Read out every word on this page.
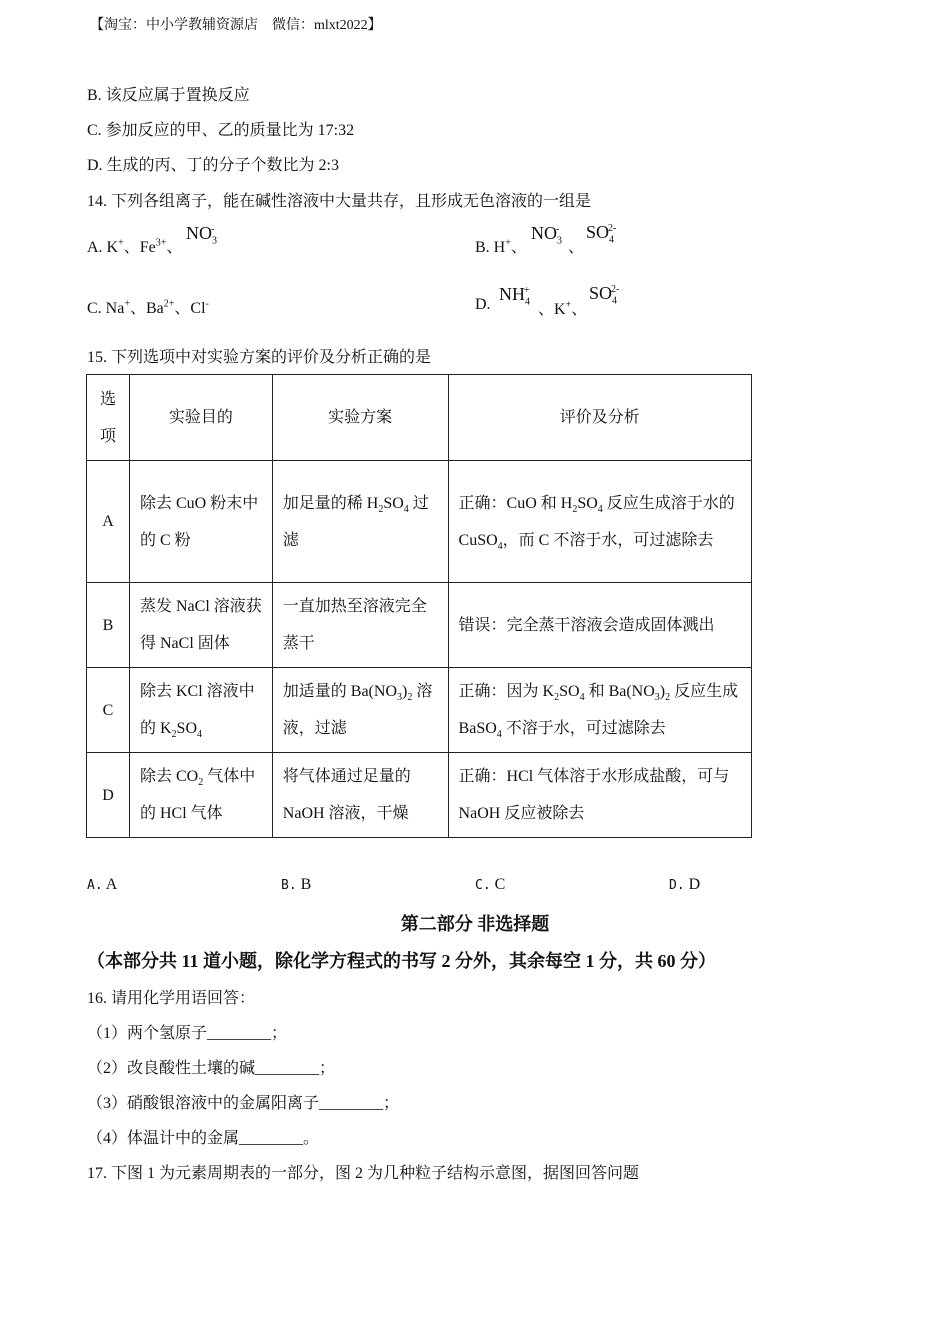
【淘宝：中小学教辅资源店　微信：mlxt2022】
B. 该反应属于置换反应
C. 参加反应的甲、乙的质量比为 17:32
D. 生成的丙、丁的分子个数比为 2:3
14. 下列各组离子，能在碱性溶液中大量共存，且形成无色溶液的一组是
A. K+、$Fe^{3+}$、
$NO_3^-$
B. H+、
$NO_3^-$
、
$SO_4^{2-}$
C. Na+、$Ba^{2+}$、Cl-	D.
$NH_4^+$
、K+、
$SO_4^{2-}$
15. 下列选项中对实验方案的评价及分析正确的是
选
项	实验目的	实验方案	评价及分析
A	除去 CuO 粉末中的 C 粉	加足量的稀 $H_2SO_4$ 过滤	正确：CuO 和 $H_2SO_4$ 反应生成溶于水的 CuSO$_4$，而 C 不溶于水，可过滤除去
B	蒸发 NaCl 溶液获得 NaCl 固体	一直加热至溶液完全蒸干	错误：完全蒸干溶液会造成固体溅出
C	除去 KCl 溶液中的 $K_2SO_4$	加适量的 $Ba(NO_3)_2$ 溶液，过滤	正确：因为 $K_2SO_4$ 和 $Ba(NO_3)_2$ 反应生成 BaSO$_4$ 不溶于水，可过滤除去
D	除去 $CO_2$ 气体中的 HCl 气体	将气体通过足量的 NaOH 溶液，干燥	正确：HCl 气体溶于水形成盐酸，可与 NaOH 反应被除去
A. A	B. B	C. C	D. D
第二部分 非选择题
（本部分共 11 道小题，除化学方程式的书写 2 分外，其余每空 1 分，共 60 分）
16. 请用化学用语回答：
（1）两个氢原子________；
（2）改良酸性土壤的碱________；
（3）硝酸银溶液中的金属阳离子________；
（4）体温计中的金属________。
17. 下图 1 为元素周期表的一部分，图 2 为几种粒子结构示意图，据图回答问题
